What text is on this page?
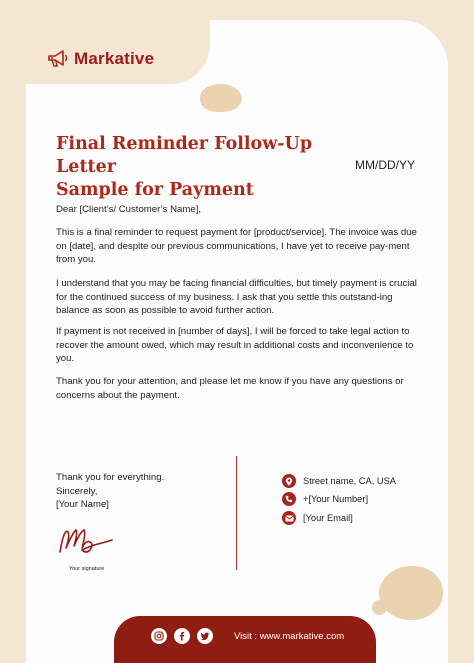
Markative
Final Reminder Follow-Up Letter
Sample for Payment
MM/DD/YY

Dear [Client’s/ Customer’s Name],

This is a final reminder to request payment for [product/service]. The invoice was due on [date], and despite our previous communications, I have yet to receive pay-ment from you.

I understand that you may be facing financial difficulties, but timely payment is crucial for the continued success of my business. I ask that you settle this outstand-ing balance as soon as possible to avoid further action.

If payment is not received in [number of days], I will be forced to take legal action to recover the amount owed, which may result in additional costs and inconvenience to you.

Thank you for your attention, and please let me know if you have any questions or concerns about the payment.

Thank you for everything.
Sincerely,
[Your Name]
Your signature
Street name, CA, USA
+[Your Number]
[Your Email]
Visit : www.markative.com
